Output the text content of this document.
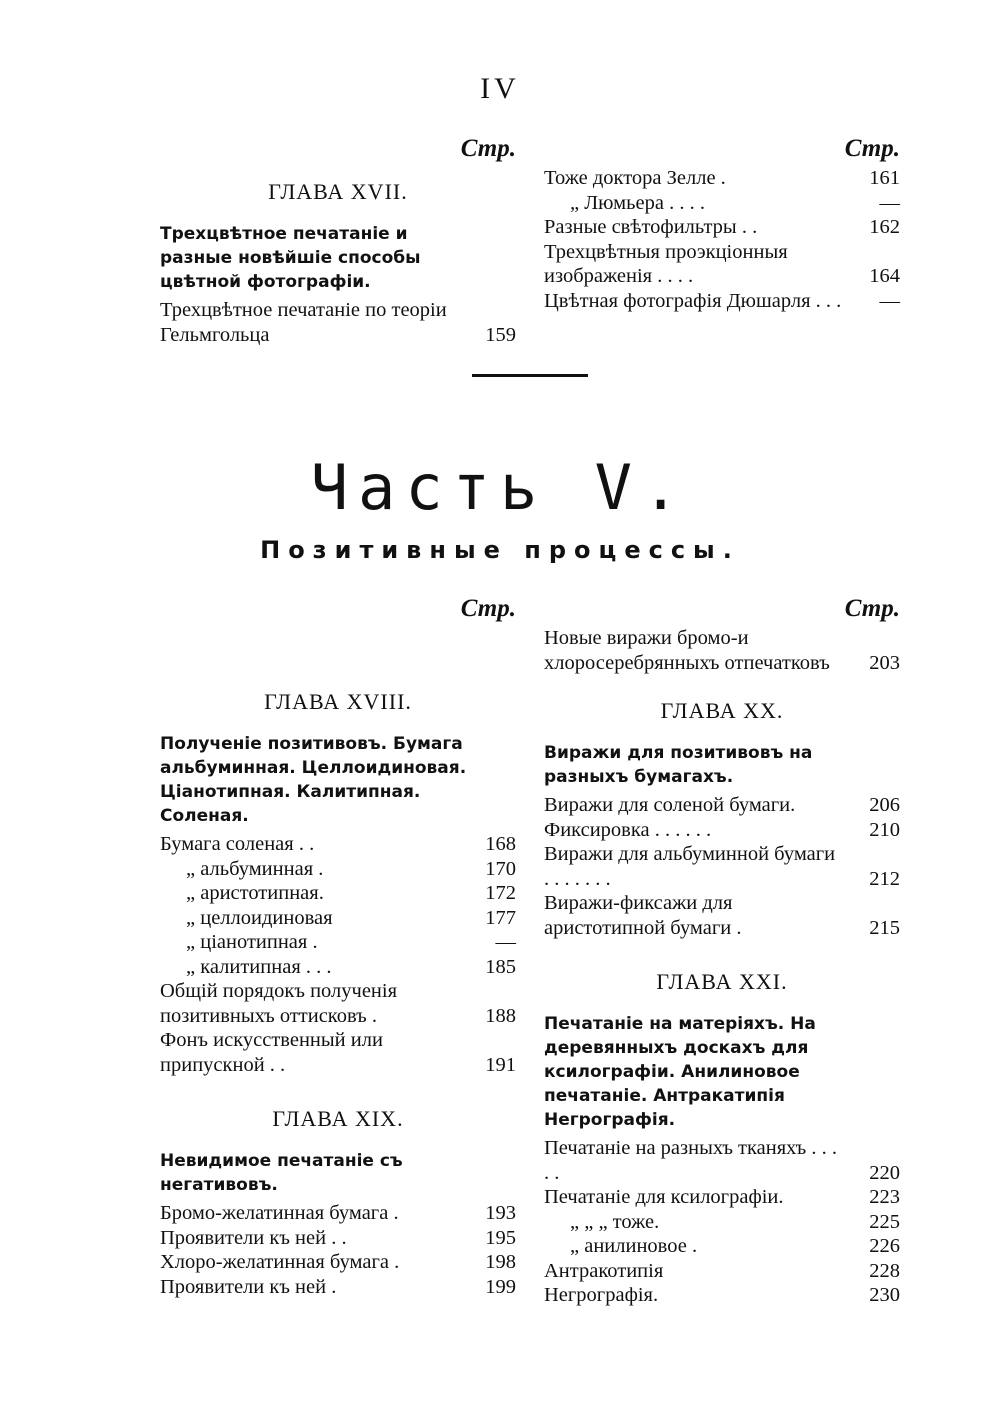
IV
Стр.
ГЛАВА XVII.
Трехцвѣтное печатаніе и разные новѣйшіе способы цвѣтной фотографіи.
Трехцвѣтное печатаніе по теоріи Гельмгольца	159
Стр.
Тоже доктора Зелле .	161
„ Люмьера . . . .	—
Разные свѣтофильтры . .	162
Трехцвѣтныя проэкціонныя изображенія . . . .	164
Цвѣтная фотографія Дюшарля . . .	—
Часть V.
Позитивные процессы.
Стр.
ГЛАВА XVIII.
Полученіе позитивовъ. Бумага альбуминная. Целлоидиновая. Ціанотипная. Калитипная. Соленая.
Бумага соленая . .	168
„ альбуминная .	170
„ аристотипная.	172
„ целлоидиновая	177
„ ціанотипная .	—
„ калитипная . . .	185
Общій порядокъ полученія позитивныхъ оттисковъ .	188
Фонъ искусственный или припускной . .	191
ГЛАВА XIX.
Невидимое печатаніе съ негативовъ.
Бромо-желатинная бумага .	193
Проявители къ ней . .	195
Хлоро-желатинная бумага .	198
Проявители къ ней .	199
Стр.
Новые виражи бромо-и хлоросеребрянныхъ отпечатковъ	203
ГЛАВА XX.
Виражи для позитивовъ на разныхъ бумагахъ.
Виражи для соленой бумаги.	206
Фиксировка . . . . . .	210
Виражи для альбуминной бумаги . . . . . . .	212
Виражи-фиксажи для аристотипной бумаги .	215
ГЛАВА XXI.
Печатаніе на матеріяхъ. На деревянныхъ доскахъ для ксилографіи. Анилиновое печатаніе. Антракатипія Негрографія.
Печатаніе на разныхъ тканяхъ . . . . .	220
Печатаніе для ксилографіи.	223
„ „ „ тоже.	225
„ анилиновое .	226
Антракотипія	228
Негрографія.	230
